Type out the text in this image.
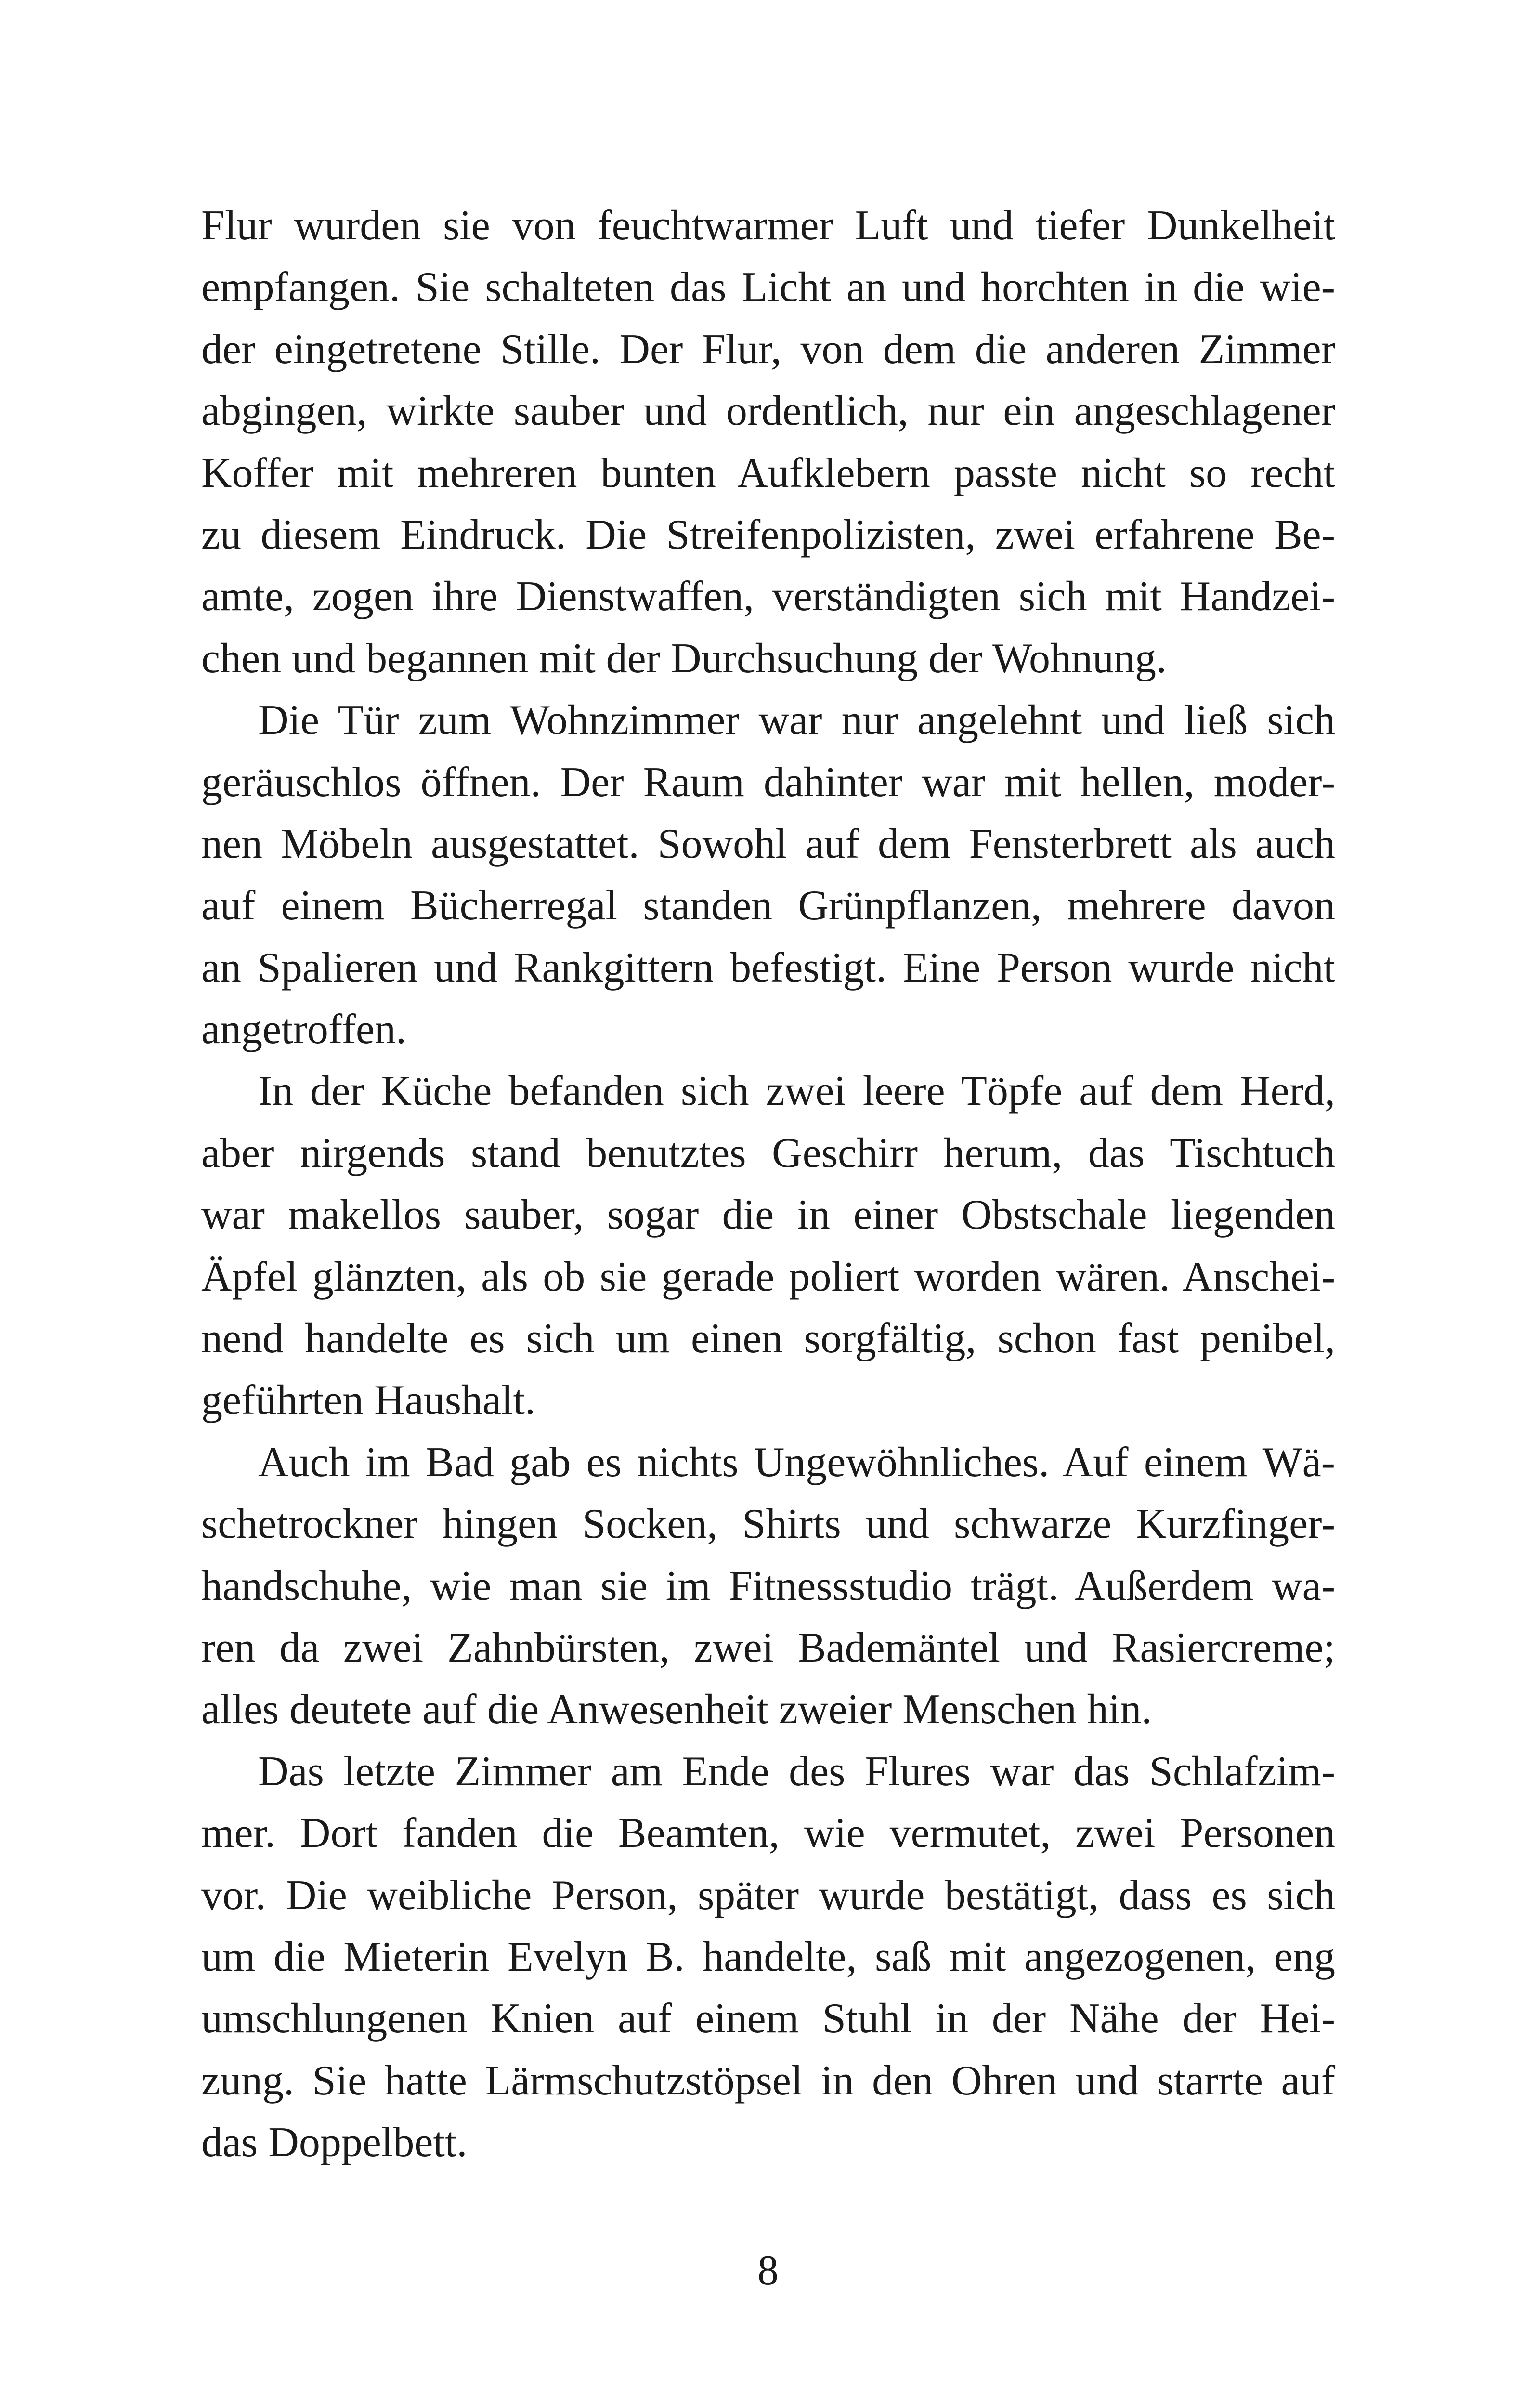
Flur wurden sie von feuchtwarmer Luft und tiefer Dunkelheit
empfangen. Sie schalteten das Licht an und horchten in die wie-
der eingetretene Stille. Der Flur, von dem die anderen Zimmer
abgingen, wirkte sauber und ordentlich, nur ein angeschlagener
Koffer mit mehreren bunten Aufklebern passte nicht so recht
zu diesem Eindruck. Die Streifenpolizisten, zwei erfahrene Be-
amte, zogen ihre Dienstwaffen, verständigten sich mit Handzei-
chen und begannen mit der Durchsuchung der Wohnung.

Die Tür zum Wohnzimmer war nur angelehnt und ließ sich
geräuschlos öffnen. Der Raum dahinter war mit hellen, moder-
nen Möbeln ausgestattet. Sowohl auf dem Fensterbrett als auch
auf einem Bücherregal standen Grünpflanzen, mehrere davon
an Spalieren und Rankgittern befestigt. Eine Person wurde nicht
angetroffen.

In der Küche befanden sich zwei leere Töpfe auf dem Herd,
aber nirgends stand benutztes Geschirr herum, das Tischtuch
war makellos sauber, sogar die in einer Obstschale liegenden
Äpfel glänzten, als ob sie gerade poliert worden wären. Anschei-
nend handelte es sich um einen sorgfältig, schon fast penibel,
geführten Haushalt.

Auch im Bad gab es nichts Ungewöhnliches. Auf einem Wä-
schetrockner hingen Socken, Shirts und schwarze Kurzfinger-
handschuhe, wie man sie im Fitnessstudio trägt. Außerdem wa-
ren da zwei Zahnbürsten, zwei Bademäntel und Rasiercreme;
alles deutete auf die Anwesenheit zweier Menschen hin.

Das letzte Zimmer am Ende des Flures war das Schlafzim-
mer. Dort fanden die Beamten, wie vermutet, zwei Personen
vor. Die weibliche Person, später wurde bestätigt, dass es sich
um die Mieterin Evelyn B. handelte, saß mit angezogenen, eng
umschlungenen Knien auf einem Stuhl in der Nähe der Hei-
zung. Sie hatte Lärmschutzstöpsel in den Ohren und starrte auf
das Doppelbett.

8
